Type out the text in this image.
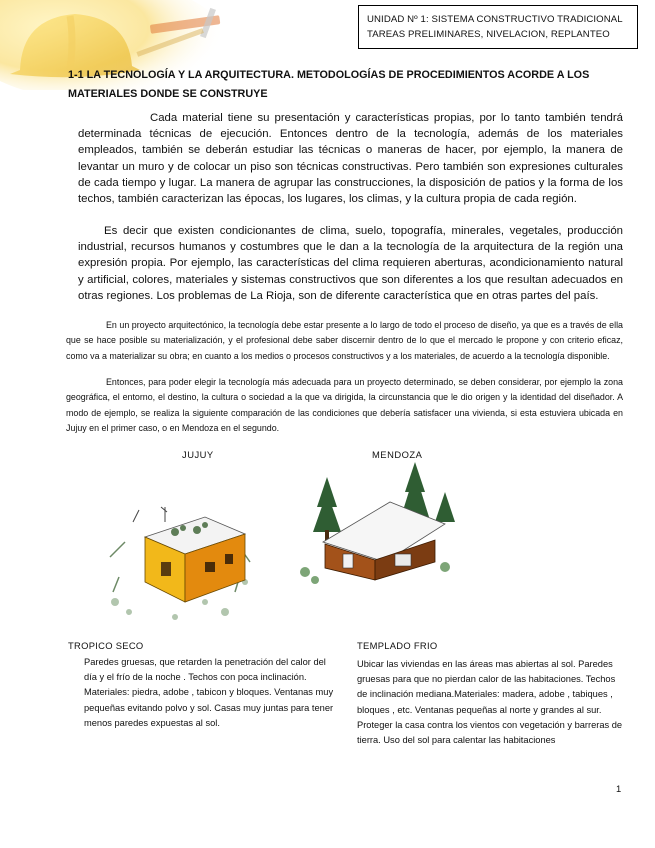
UNIDAD Nº 1: SISTEMA CONSTRUCTIVO TRADICIONAL
TAREAS PRELIMINARES, NIVELACION, REPLANTEO
1-1 LA TECNOLOGÍA Y LA ARQUITECTURA. METODOLOGÍAS DE PROCEDIMIENTOS ACORDE A LOS MATERIALES DONDE SE CONSTRUYE

Cada material tiene su presentación y características propias, por lo tanto también tendrá determinada técnicas de ejecución. Entonces dentro de la tecnología, además de los materiales empleados, también se deberán estudiar las técnicas o maneras de hacer, por ejemplo, la manera de levantar un muro y de colocar un piso son técnicas constructivas. Pero también son expresiones culturales de cada tiempo y lugar. La manera de agrupar las construcciones, la disposición de patios y la forma de los techos, también caracterizan las épocas, los lugares, los climas, y la cultura propia de cada región.

Es decir que existen condicionantes de clima, suelo, topografía, minerales, vegetales, producción industrial, recursos humanos y costumbres que le dan a la tecnología de la arquitectura de la región una expresión propia. Por ejemplo, las características del clima requieren aberturas, acondicionamiento natural y artificial, colores, materiales y sistemas constructivos que son diferentes a los que resultan adecuados en otras regiones. Los problemas de La Rioja, son de diferente característica que en otras partes del país.

En un proyecto arquitectónico, la tecnología debe estar presente a lo largo de todo el proceso de diseño, ya que es a través de ella que se hace posible su materialización, y el profesional debe saber discernir dentro de lo que el mercado le propone y con criterio eficaz, como va a materializar su obra; en cuanto a los medios o procesos constructivos y a los materiales, de acuerdo a la tecnología disponible.

Entonces, para poder elegir la tecnología más adecuada para un proyecto determinado, se deben considerar, por ejemplo la zona geográfica, el entorno, el destino, la cultura o sociedad a la que va dirigida, la circunstancia que le dio origen y la identidad del diseñador. A modo de ejemplo, se realiza la siguiente comparación de las condiciones que debería satisfacer una vivienda, si esta estuviera ubicada en Jujuy en el primer caso, o en Mendoza en el segundo.

JUJUY	MENDOZA
TROPICO SECO

Paredes gruesas, que retarden la penetración del calor del día y el frío de la noche . Techos con poca inclinación. Materiales: piedra, adobe , tabicon y bloques. Ventanas muy pequeñas evitando polvo y sol. Casas muy juntas para tener menos paredes expuestas al sol.

TEMPLADO FRIO

Ubicar las viviendas en las áreas mas abiertas al sol. Paredes gruesas para que no pierdan calor de las habitaciones. Techos de inclinación mediana.Materiales: madera, adobe , tabiques , bloques , etc. Ventanas pequeñas al norte y grandes al sur. Proteger la casa contra los vientos con vegetación y barreras de tierra. Uso del sol para calentar las habitaciones

1
